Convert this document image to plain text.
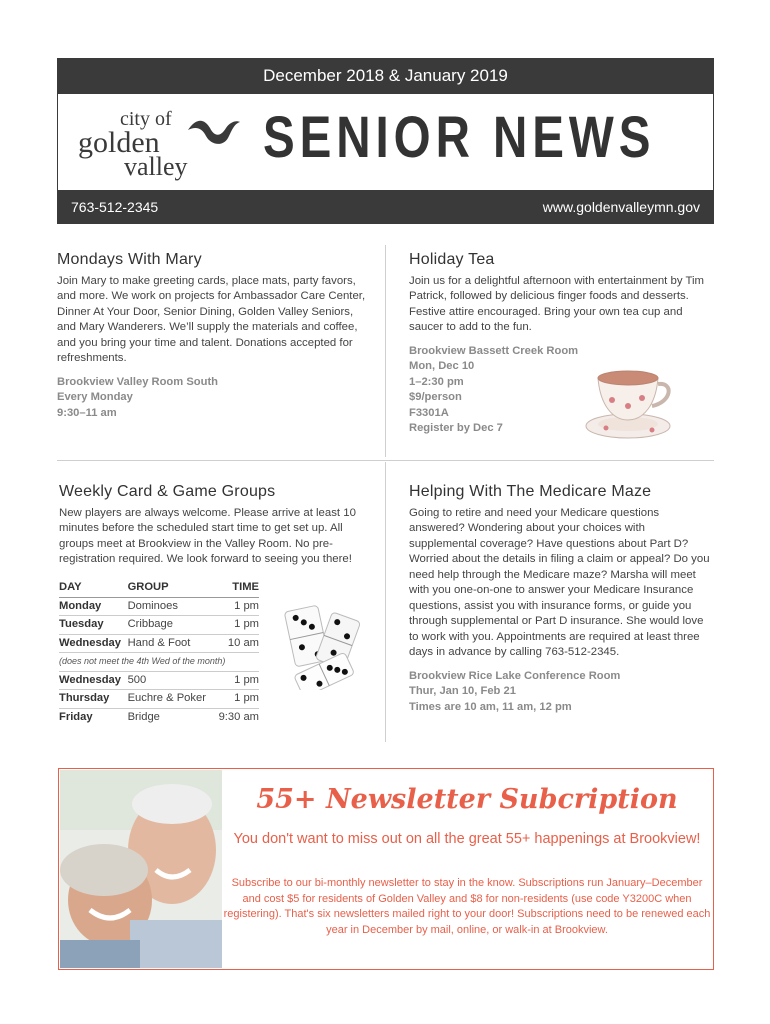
December 2018 & January 2019
city of
golden
valley SENIOR NEWS
763-512-2345	www.goldenvalleymn.gov
Mondays With Mary

Join Mary to make greeting cards, place mats, party favors, and more. We work on projects for Ambassador Care Center, Dinner At Your Door, Senior Dining, Golden Valley Seniors, and Mary Wanderers. We’ll supply the materials and coffee, and you bring your time and talent. Donations accepted for refreshments.

Brookview Valley Room South
Every Monday
9:30–11 am
Holiday Tea

Join us for a delightful afternoon with entertainment by Tim Patrick, followed by delicious finger foods and desserts. Festive attire encouraged. Bring your own tea cup and saucer to add to the fun.

Brookview Bassett Creek Room
Mon, Dec 10
1–2:30 pm
$9/person
F3301A
Register by Dec 7
Weekly Card & Game Groups

New players are always welcome. Please arrive at least 10 minutes before the scheduled start time to get set up. All groups meet at Brookview in the Valley Room. No pre-registration required. We look forward to seeing you there!

DAY	GROUP	TIME
Monday	Dominoes	1 pm
Tuesday	Cribbage	1 pm
Wednesday	Hand & Foot	10 am
(does not meet the 4th Wed of the month)		
Wednesday	500	1 pm
Thursday	Euchre & Poker	1 pm
Friday	Bridge	9:30 am
Helping With The Medicare Maze

Going to retire and need your Medicare questions answered? Wondering about your choices with supplemental coverage? Have questions about Part D? Worried about the details in filing a claim or appeal? Do you need help through the Medicare maze? Marsha will meet with you one-on-one to answer your Medicare Insurance questions, assist you with insurance forms, or guide you through supplemental or Part D insurance. She would love to work with you. Appointments are required at least three days in advance by calling 763-512-2345.

Brookview Rice Lake Conference Room
Thur, Jan 10, Feb 21
Times are 10 am, 11 am, 12 pm
55+ Newsletter Subcription
You don't want to miss out on all the great 55+ happenings at Brookview!
Subscribe to our bi-monthly newsletter to stay in the know. Subscriptions run January–December and cost $5 for residents of Golden Valley and $8 for non-residents (use code Y3200C when registering). That's six newsletters mailed right to your door! Subscriptions need to be renewed each year in December by mail, online, or walk-in at Brookview.
